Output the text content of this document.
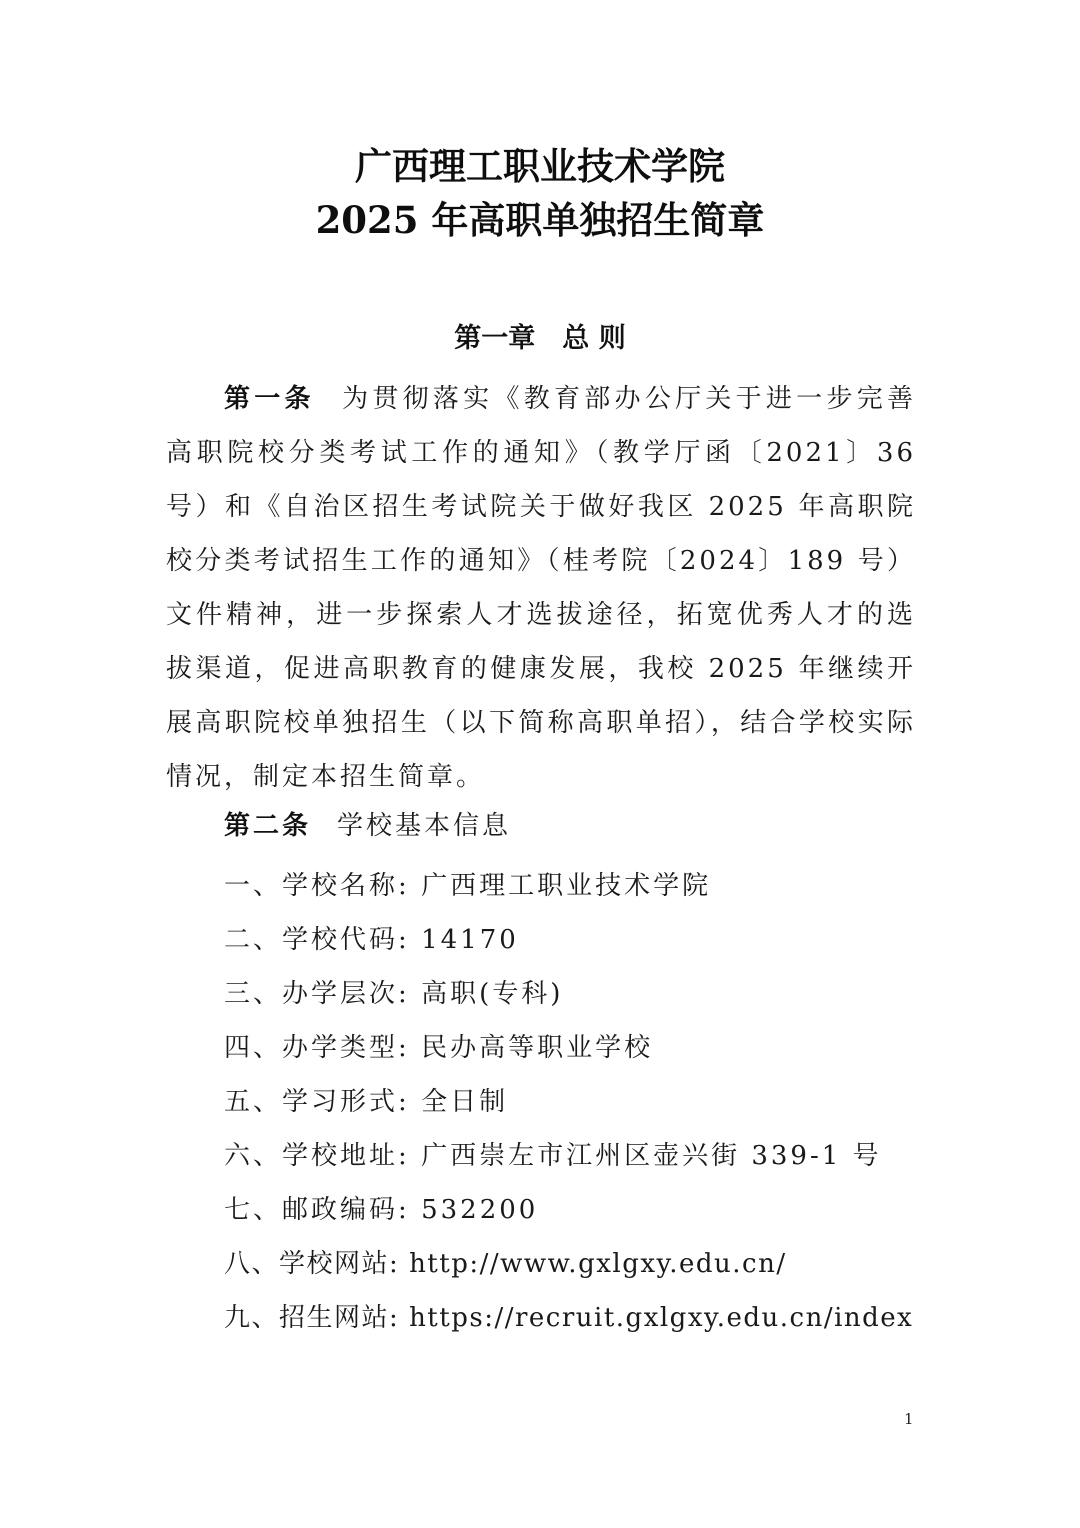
广西理工职业技术学院
2025 年高职单独招生简章
第一章　总 则

第一条 为贯彻落实《教育部办公厅关于进一步完善高职院校分类考试工作的通知》（教学厅函〔2021〕36 号）和《自治区招生考试院关于做好我区 2025 年高职院校分类考试招生工作的通知》（桂考院〔2024〕189 号）文件精神，进一步探索人才选拔途径，拓宽优秀人才的选拔渠道，促进高职教育的健康发展，我校 2025 年继续开展高职院校单独招生（以下简称高职单招），结合学校实际情况，制定本招生简章。

第二条 学校基本信息

一、学校名称: 广西理工职业技术学院
二、学校代码: 14170
三、办学层次: 高职(专科)
四、办学类型: 民办高等职业学校
五、学习形式: 全日制
六、学校地址: 广西崇左市江州区壶兴街 339-1 号
七、邮政编码: 532200
八、学校网站: http://www.gxlgxy.edu.cn/
九、招生网站: https://recruit.gxlgxy.edu.cn/index

1
